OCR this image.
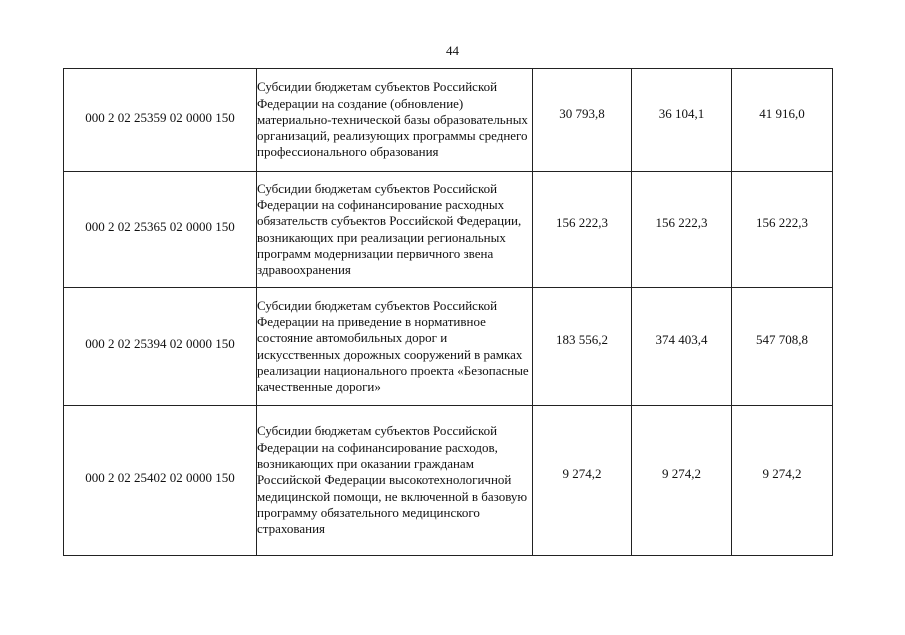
44
000 2 02 25359 02 0000 150	Субсидии бюджетам субъектов Российской Федерации на создание (обновление) материально-технической базы образовательных организаций, реализующих программы среднего профессионального образования	30 793,8	36 104,1	41 916,0
000 2 02 25365 02 0000 150	Субсидии бюджетам субъектов Российской Федерации на софинансирование расходных обязательств субъектов Российской Федерации, возникающих при реализации региональных программ модернизации первичного звена здравоохранения	156 222,3	156 222,3	156 222,3
000 2 02 25394 02 0000 150	Субсидии бюджетам субъектов Российской Федерации на приведение в нормативное состояние автомобильных дорог и искусственных дорожных сооружений в рамках реализации национального проекта «Безопасные качественные дороги»	183 556,2	374 403,4	547 708,8
000 2 02 25402 02 0000 150	Субсидии бюджетам субъектов Российской Федерации на софинансирование расходов, возникающих при оказании гражданам Российской Федерации высокотехнологичной медицинской помощи, не включенной в базовую программу обязательного медицинского страхования	9 274,2	9 274,2	9 274,2
